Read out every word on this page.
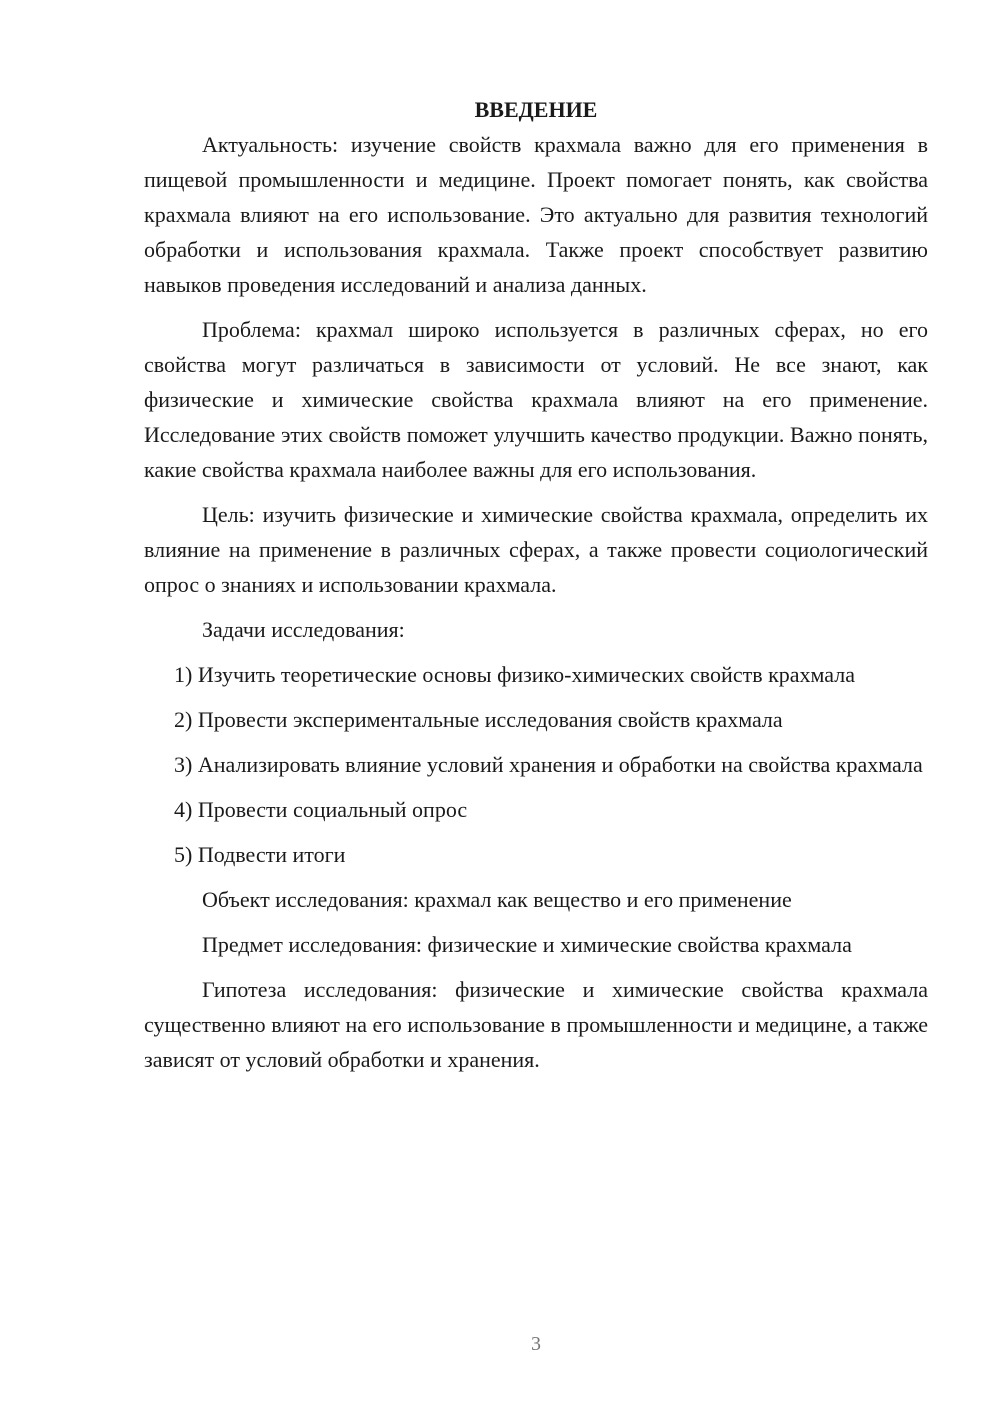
ВВЕДЕНИЕ

Актуальность: изучение свойств крахмала важно для его применения в пищевой промышленности и медицине. Проект помогает понять, как свойства крахмала влияют на его использование. Это актуально для развития технологий обработки и использования крахмала. Также проект способствует развитию навыков проведения исследований и анализа данных.

Проблема: крахмал широко используется в различных сферах, но его свойства могут различаться в зависимости от условий. Не все знают, как физические и химические свойства крахмала влияют на его применение. Исследование этих свойств поможет улучшить качество продукции. Важно понять, какие свойства крахмала наиболее важны для его использования.

Цель: изучить физические и химические свойства крахмала, определить их влияние на применение в различных сферах, а также провести социологический опрос о знаниях и использовании крахмала.

Задачи исследования:

1) Изучить теоретические основы физико-химических свойств крахмала

2) Провести экспериментальные исследования свойств крахмала

3) Анализировать влияние условий хранения и обработки на свойства крахмала

4) Провести социальный опрос

5) Подвести итоги

Объект исследования: крахмал как вещество и его применение

Предмет исследования: физические и химические свойства крахмала

Гипотеза исследования: физические и химические свойства крахмала существенно влияют на его использование в промышленности и медицине, а также зависят от условий обработки и хранения.

3
